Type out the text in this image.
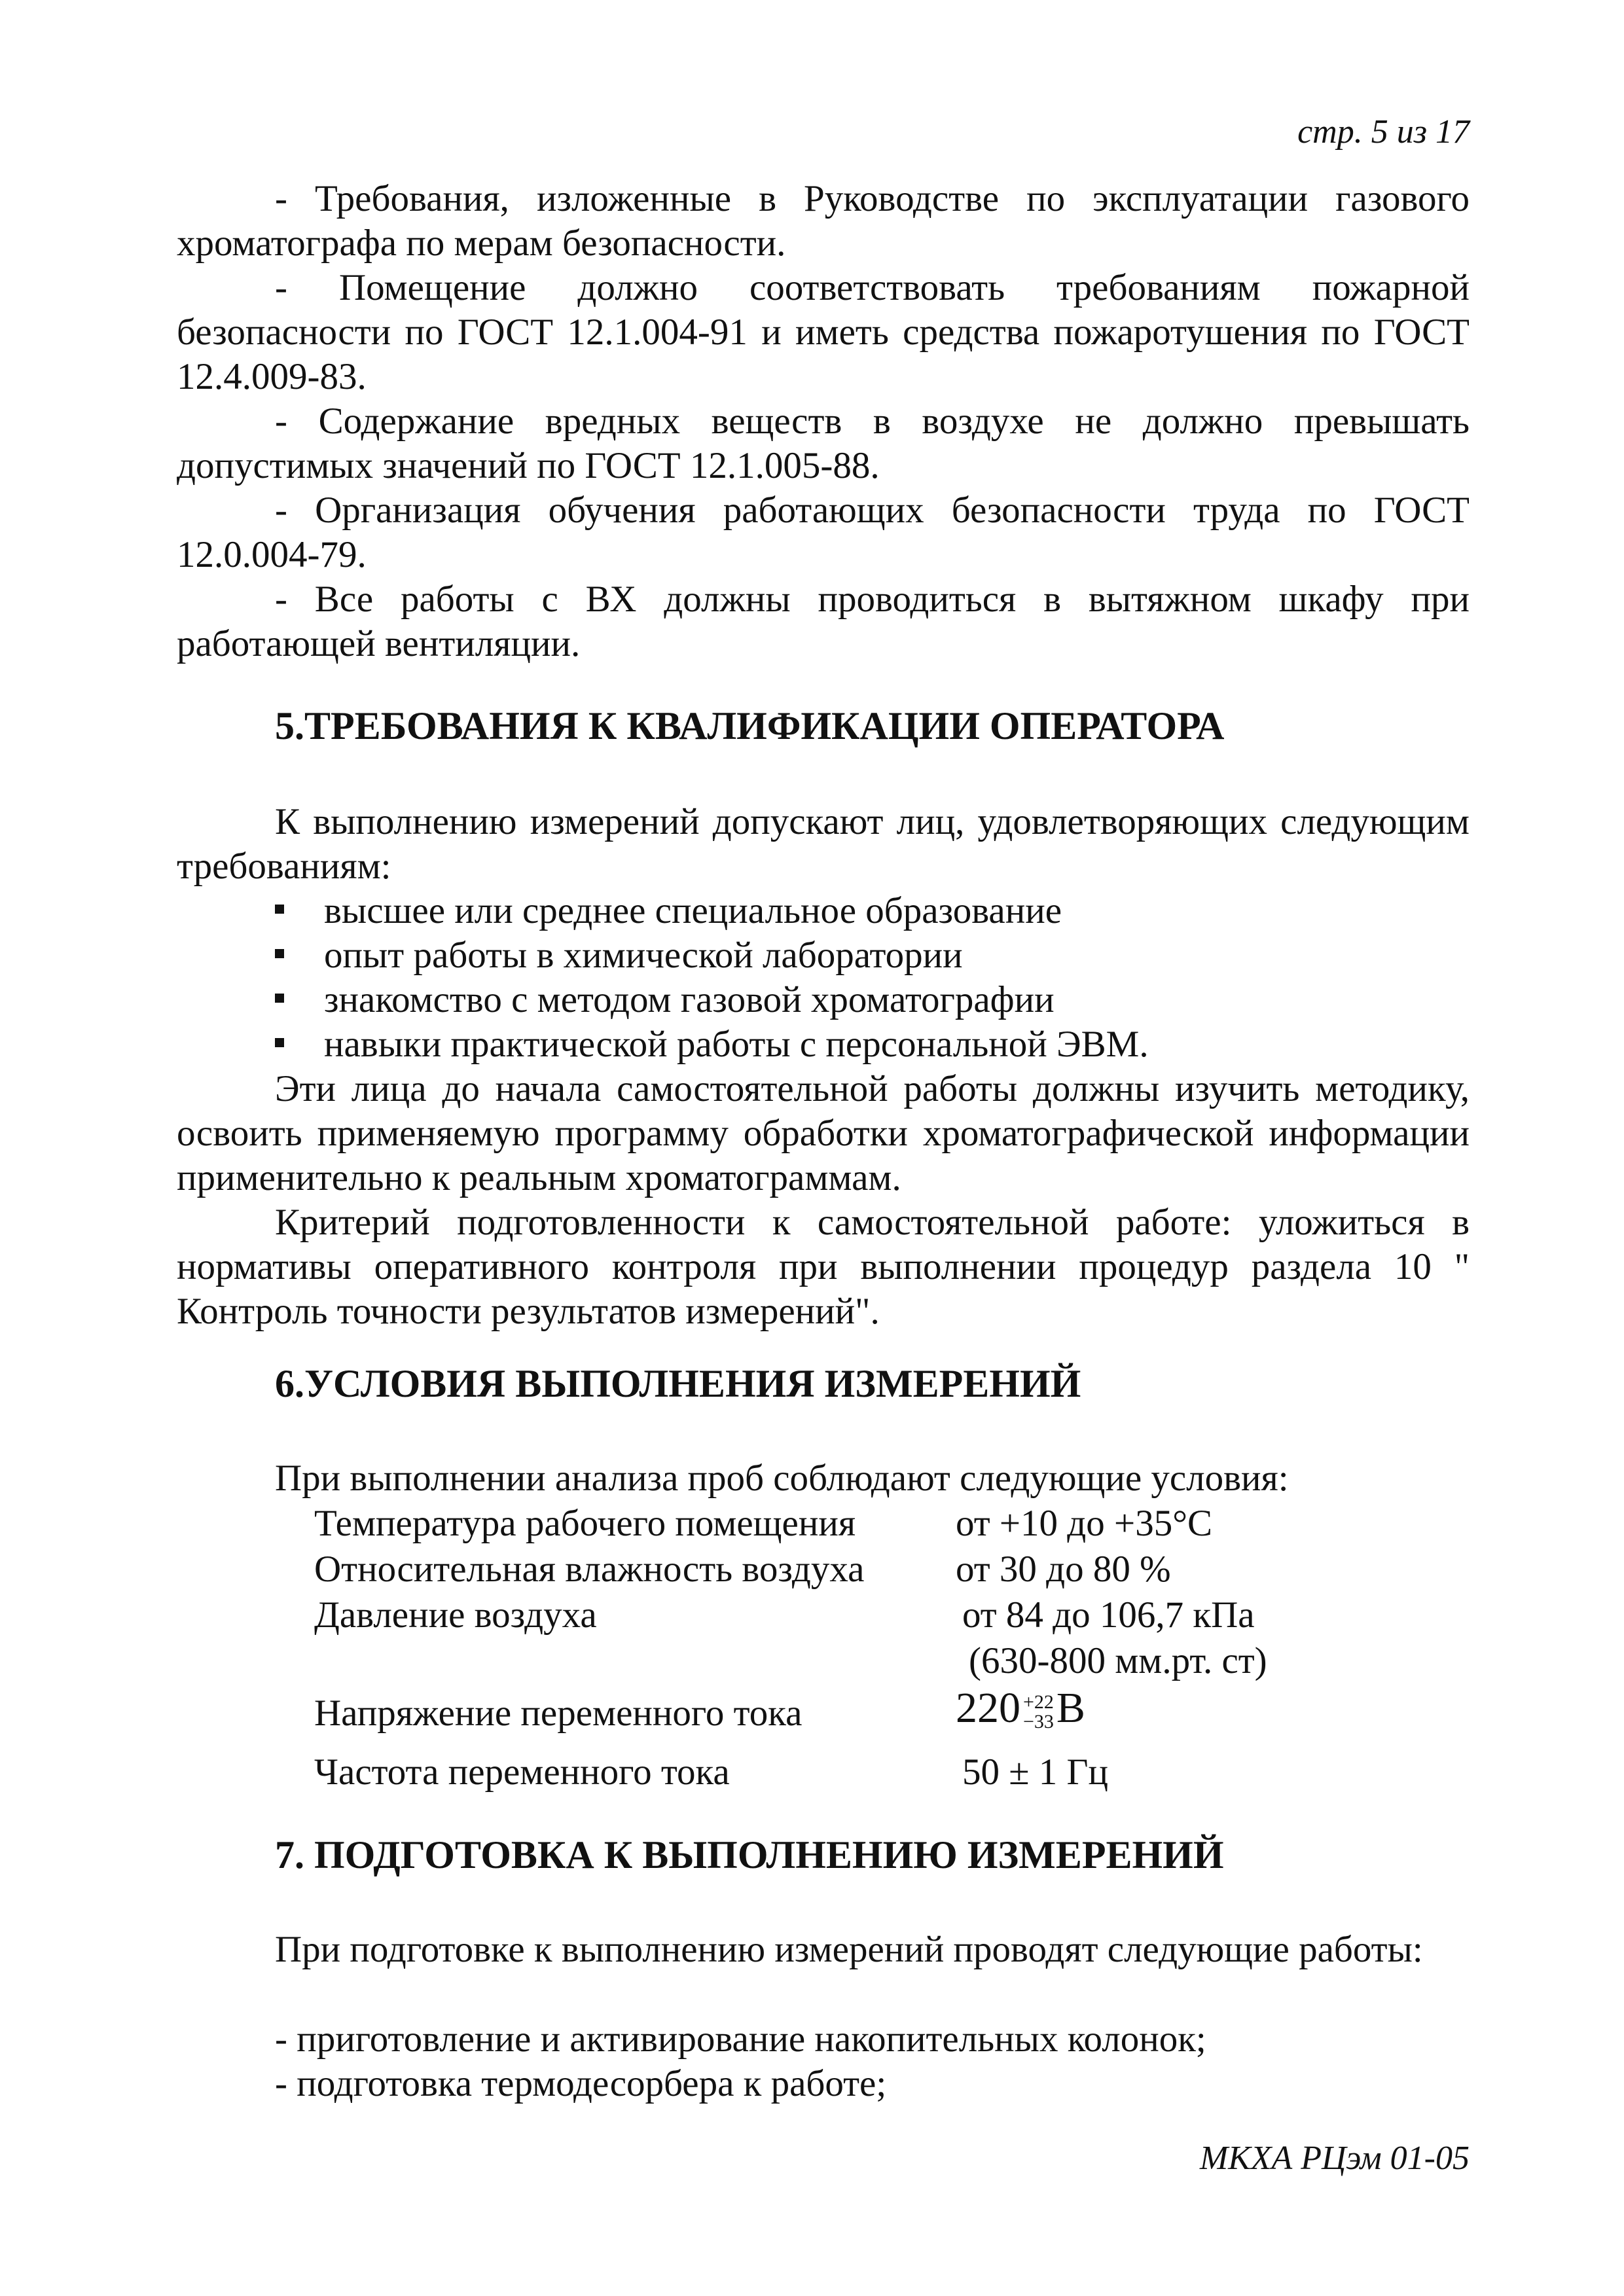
стр. 5 из 17
- Требования, изложенные в Руководстве по эксплуатации газового хроматографа по мерам безопасности.
- Помещение должно соответствовать требованиям пожарной безопасности по ГОСТ 12.1.004-91 и иметь средства пожаротушения по ГОСТ 12.4.009-83.
- Содержание вредных веществ в воздухе не должно превышать допустимых значений по ГОСТ 12.1.005-88.
- Организация обучения работающих безопасности труда по ГОСТ 12.0.004-79.
- Все работы с ВХ должны проводиться в вытяжном шкафу при работающей вентиляции.
5.ТРЕБОВАНИЯ К КВАЛИФИКАЦИИ ОПЕРАТОРА
К выполнению измерений допускают лиц, удовлетворяющих следующим требованиям:
высшее или среднее специальное образование
опыт работы в химической лаборатории
знакомство с методом газовой хроматографии
навыки практической работы с персональной ЭВМ.
Эти лица до начала самостоятельной работы должны изучить методику, освоить применяемую программу обработки хроматографической информации применительно к реальным хроматограммам.
Критерий подготовленности к самостоятельной работе: уложиться в нормативы оперативного контроля при выполнении процедур раздела 10 " Контроль точности результатов измерений".
6.УСЛОВИЯ ВЫПОЛНЕНИЯ ИЗМЕРЕНИЙ
При выполнении анализа проб соблюдают следующие условия:
Температура рабочего помещения	от +10 до +35°C
Относительная влажность воздуха от 30 до 80 %
Давление воздуха	от 84 до 106,7 кПа
(630-800 мм.рт. ст)
Напряжение переменного тока	220 +22
−33 В
Частота переменного тока	50 ± 1 Гц
7. ПОДГОТОВКА К ВЫПОЛНЕНИЮ ИЗМЕРЕНИЙ
При подготовке к выполнению измерений проводят следующие работы:
- приготовление и активирование накопительных колонок;
- подготовка термодесорбера к работе;
МКХА РЦэм 01-05
